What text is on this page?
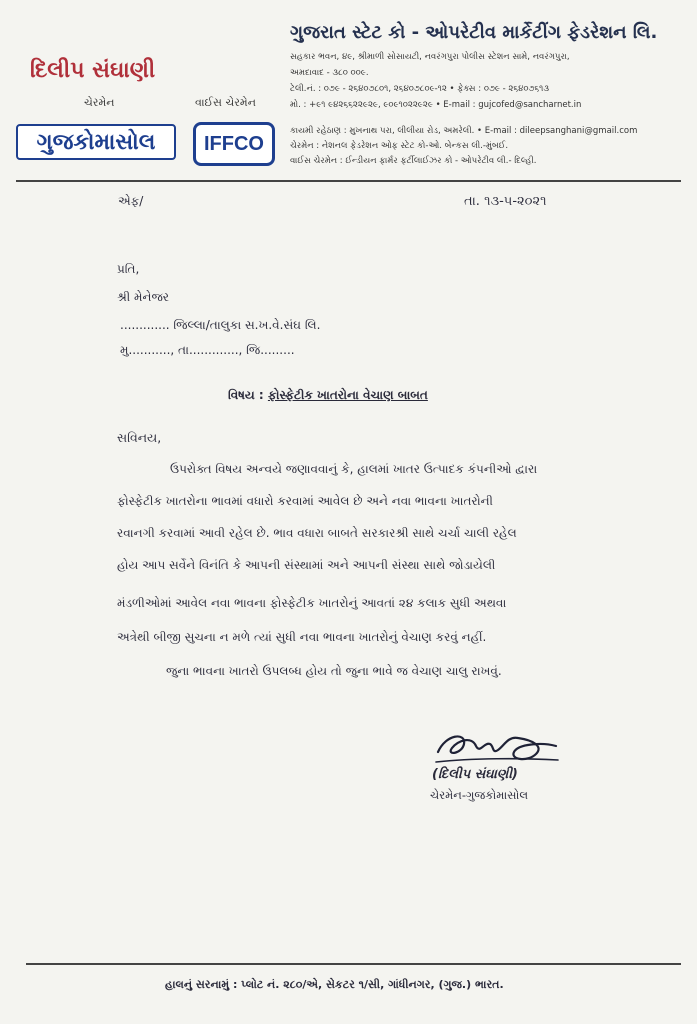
દિલીપ સંઘાણી
ચેરમેન	વાઈસ ચેરમેન
ગુજકોમાસોલ	IFFCO
ગુજરાત સ્ટેટ કો - ઓપરેટીવ માર્કેટીંગ ફેડરેશન લિ.
સહકાર ભવન, ૪૯, શ્રીમાળી સોસાયટી, નવરંગપુરા પોલીસ સ્ટેશન સામે, નવરંગપુરા,
અમદાવાદ - ૩૮૦ ૦૦૯.
ટેલી.નં. : ૦૭૯ - ૨૬૪૦૭૮૦૧, ૨૬૪૦૭૮૦૯-૧૨ • ફેક્સ : ૦૭૯ - ૨૬૪૦૭૬૧૩
મો. : +૯૧ ૯૪૨૬૬૨૨૯૨૯, ૯૦૯૧૦૨૨૯૨૯ • E-mail : gujcofed@sancharnet.in
કાયમી રહેઠાણ : મુખનાથ પરા, લીલીયા રોડ, અમરેલી. • E-mail : dileepsanghani@gmail.com
ચેરમેન : નેશનલ ફેડરેશન ઓફ સ્ટેટ કો-ઓ. બેન્કસ લી.-મુંબઈ.
વાઈસ ચેરમેન : ઈન્ડીયન ફાર્મર ફર્ટીલાઈઝર કો - ઓપરેટીવ લી.- દિલ્હી.
એફ/	તા. ૧૩-૫-૨૦૨૧
પ્રતિ,
શ્રી મેનેજર
............. જિલ્લા/તાલુકા સ.ખ.વે.સંઘ લિ.
મુ..........., તા............., જિ.........
વિષય : ફોસ્ફેટીક ખાતરોના વેચાણ બાબત
સવિનય,
ઉપરોક્ત વિષય અન્વયે જણાવવાનું કે, હાલમાં ખાતર ઉત્પાદક કંપનીઓ દ્વારા
ફોસ્ફેટીક ખાતરોના ભાવમાં વધારો કરવામાં આવેલ છે અને નવા ભાવના ખાતરોની
રવાનગી કરવામાં આવી રહેલ છે. ભાવ વધારા બાબતે સરકારશ્રી સાથે ચર્ચા ચાલી રહેલ
હોય આપ સર્વેને વિનંતિ કે આપની સંસ્થામાં અને આપની સંસ્થા સાથે જોડાયેલી
મંડળીઓમાં આવેલ નવા ભાવના ફોસ્ફેટીક ખાતરોનું આવતાં ૨૪ કલાક સુધી અથવા
અત્રેથી બીજી સુચના ન મળે ત્યાં સુધી નવા ભાવના ખાતરોનું વેચાણ કરવું નહીં.
જુના ભાવના ખાતરો ઉપલબ્ધ હોય તો જુના ભાવે જ વેચાણ ચાલુ રાખવું.
(દિલીપ સંઘાણી)
ચેરમેન-ગુજકોમાસોલ
હાલનું સરનામું : પ્લોટ નં. ૨૮૦/એ, સેકટર ૧/સી, ગાંધીનગર, (ગુજ.) ભારત.
